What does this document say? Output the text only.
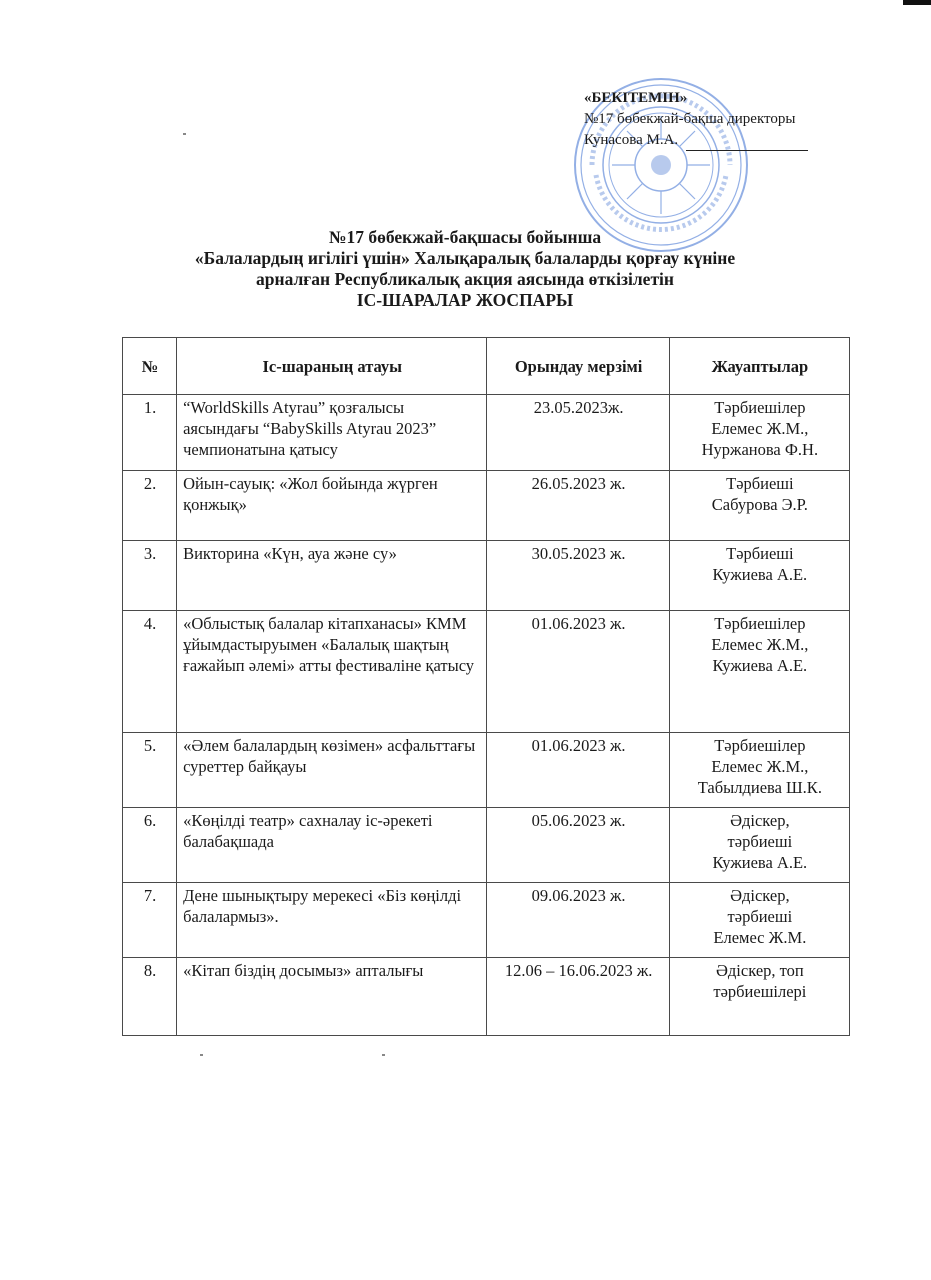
«БЕКІТЕМІН»
№17 бөбекжай-бақша директоры
Кунасова М.А.
№17 бөбекжай-бақшасы бойынша
«Балалардың игілігі үшін» Халықаралық балаларды қорғау күніне
арналған Республикалық акция аясында өткізілетін
ІС-ШАРАЛАР ЖОСПАРЫ
№	Іс-шараның атауы	Орындау мерзімі	Жауаптылар
1.	“WorldSkills Atyrau” қозғалысы аясындағы “BabySkills Atyrau 2023” чемпионатына қатысу	23.05.2023ж.	Тәрбиешілер
Елемес Ж.М.,
Нуржанова Ф.Н.

2.	Ойын-сауық: «Жол бойында жүрген қонжық»	26.05.2023 ж.	Тәрбиеші
Сабурова Э.Р.

3.	Викторина «Күн, ауа және су»	30.05.2023 ж.	Тәрбиеші
Кужиева А.Е.

4.	«Облыстық балалар кітапханасы» КММ ұйымдастыруымен «Балалық шақтың ғажайып әлемі» атты фестиваліне қатысу	01.06.2023 ж.	Тәрбиешілер
Елемес Ж.М.,
Кужиева А.Е.

5.	«Әлем балалардың көзімен» асфальттағы суреттер байқауы	01.06.2023 ж.	Тәрбиешілер
Елемес Ж.М.,
Табылдиева Ш.К.

6.	«Көңілді театр» сахналау іс-әрекеті балабақшада	05.06.2023 ж.	Әдіскер,
тәрбиеші
Кужиева А.Е.

7.	Дене шынықтыру мерекесі «Біз көңілді балалармыз».	09.06.2023 ж.	Әдіскер,
тәрбиеші
Елемес Ж.М.

8.	«Кітап біздің досымыз» апталығы	12.06 – 16.06.2023 ж.	Әдіскер, топ
тәрбиешілері
